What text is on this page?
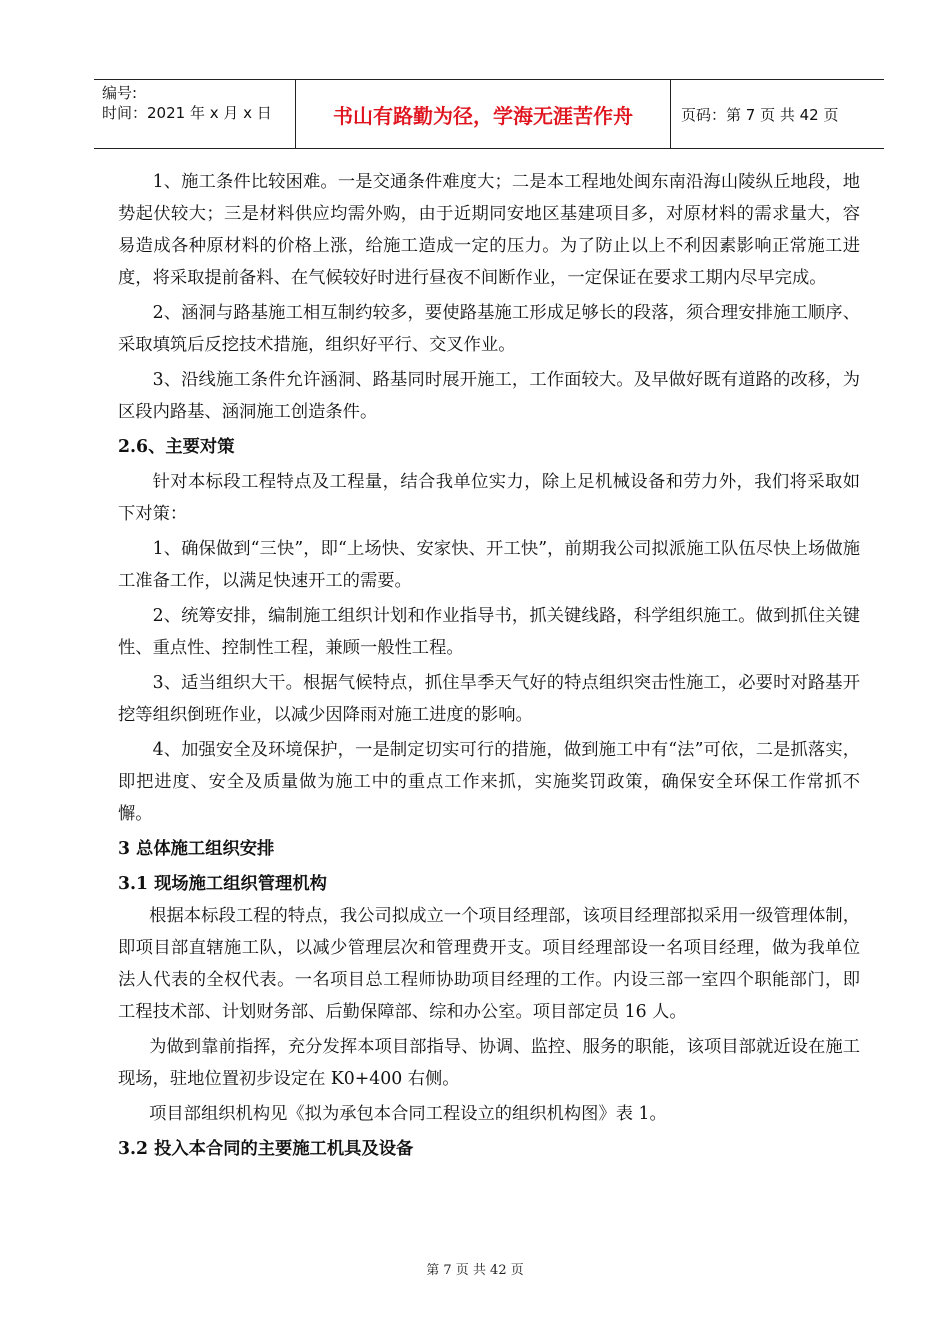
编号:
时间：2021 年 x 月 x 日	书山有路勤为径，学海无涯苦作舟	页码：第 7 页 共 42 页

1、施工条件比较困难。一是交通条件难度大；二是本工程地处闽东南沿海山陵纵丘地段，地势起伏较大；三是材料供应均需外购，由于近期同安地区基建项目多，对原材料的需求量大，容易造成各种原材料的价格上涨，给施工造成一定的压力。为了防止以上不利因素影响正常施工进度，将采取提前备料、在气候较好时进行昼夜不间断作业，一定保证在要求工期内尽早完成。

2、涵洞与路基施工相互制约较多，要使路基施工形成足够长的段落，须合理安排施工顺序、采取填筑后反挖技术措施，组织好平行、交叉作业。

3、沿线施工条件允许涵洞、路基同时展开施工，工作面较大。及早做好既有道路的改移，为区段内路基、涵洞施工创造条件。

2.6、主要对策

针对本标段工程特点及工程量，结合我单位实力，除上足机械设备和劳力外，我们将采取如下对策：

1、确保做到“三快”，即“上场快、安家快、开工快”，前期我公司拟派施工队伍尽快上场做施工准备工作，以满足快速开工的需要。

2、统筹安排，编制施工组织计划和作业指导书，抓关键线路，科学组织施工。做到抓住关键性、重点性、控制性工程，兼顾一般性工程。

3、适当组织大干。根据气候特点，抓住旱季天气好的特点组织突击性施工，必要时对路基开挖等组织倒班作业，以减少因降雨对施工进度的影响。

4、加强安全及环境保护，一是制定切实可行的措施，做到施工中有“法”可依，二是抓落实，即把进度、安全及质量做为施工中的重点工作来抓，实施奖罚政策，确保安全环保工作常抓不懈。

3 总体施工组织安排

3.1 现场施工组织管理机构

根据本标段工程的特点，我公司拟成立一个项目经理部，该项目经理部拟采用一级管理体制，即项目部直辖施工队，以减少管理层次和管理费开支。项目经理部设一名项目经理，做为我单位法人代表的全权代表。一名项目总工程师协助项目经理的工作。内设三部一室四个职能部门，即工程技术部、计划财务部、后勤保障部、综和办公室。项目部定员 16 人。

为做到靠前指挥，充分发挥本项目部指导、协调、监控、服务的职能，该项目部就近设在施工现场，驻地位置初步设定在 K0+400 右侧。

项目部组织机构见《拟为承包本合同工程设立的组织机构图》表 1。

3.2 投入本合同的主要施工机具及设备

第 7 页 共 42 页
